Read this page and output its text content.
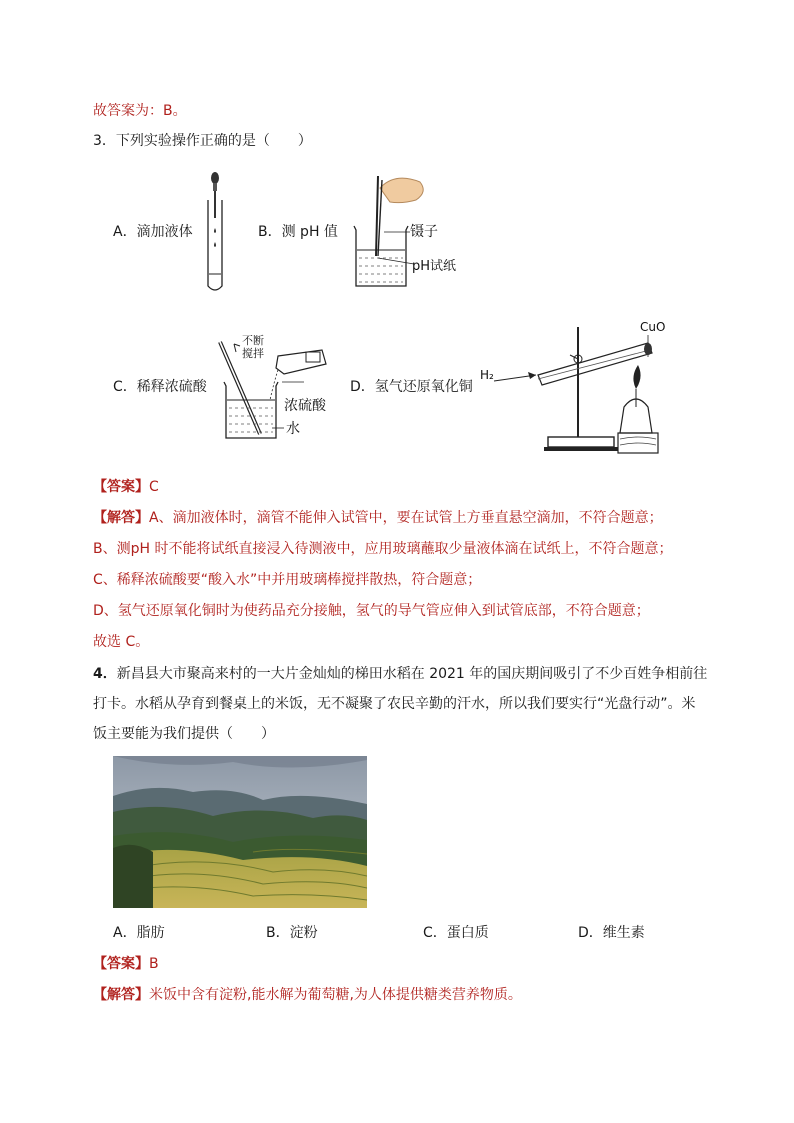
故答案为：B。
3．下列实验操作正确的是（　　）
A．滴加液体	B．测 pH 值	镊子
pH试纸
C．稀释浓硫酸
不断 搅拌
浓硫酸
水
D．氢气还原氧化铜
CuO
H₂
【答案】C
【解答】A、滴加液体时，滴管不能伸入试管中，要在试管上方垂直悬空滴加，不符合题意；
B、测pH 时不能将试纸直接浸入待测液中，应用玻璃蘸取少量液体滴在试纸上，不符合题意；
C、稀释浓硫酸要“酸入水”中并用玻璃棒搅拌散热，符合题意；
D、氢气还原氧化铜时为使药品充分接触，氢气的导气管应伸入到试管底部，不符合题意；
故选 C。
4．新昌县大市聚高来村的一大片金灿灿的梯田水稻在 2021 年的国庆期间吸引了不少百姓争相前往
打卡。水稻从孕育到餐桌上的米饭，无不凝聚了农民辛勤的汗水，所以我们要实行“光盘行动”。米
饭主要能为我们提供（　　）
A．脂肪	B．淀粉	C．蛋白质	D．维生素
【答案】B
【解答】米饭中含有淀粉,能水解为葡萄糖,为人体提供糖类营养物质。
